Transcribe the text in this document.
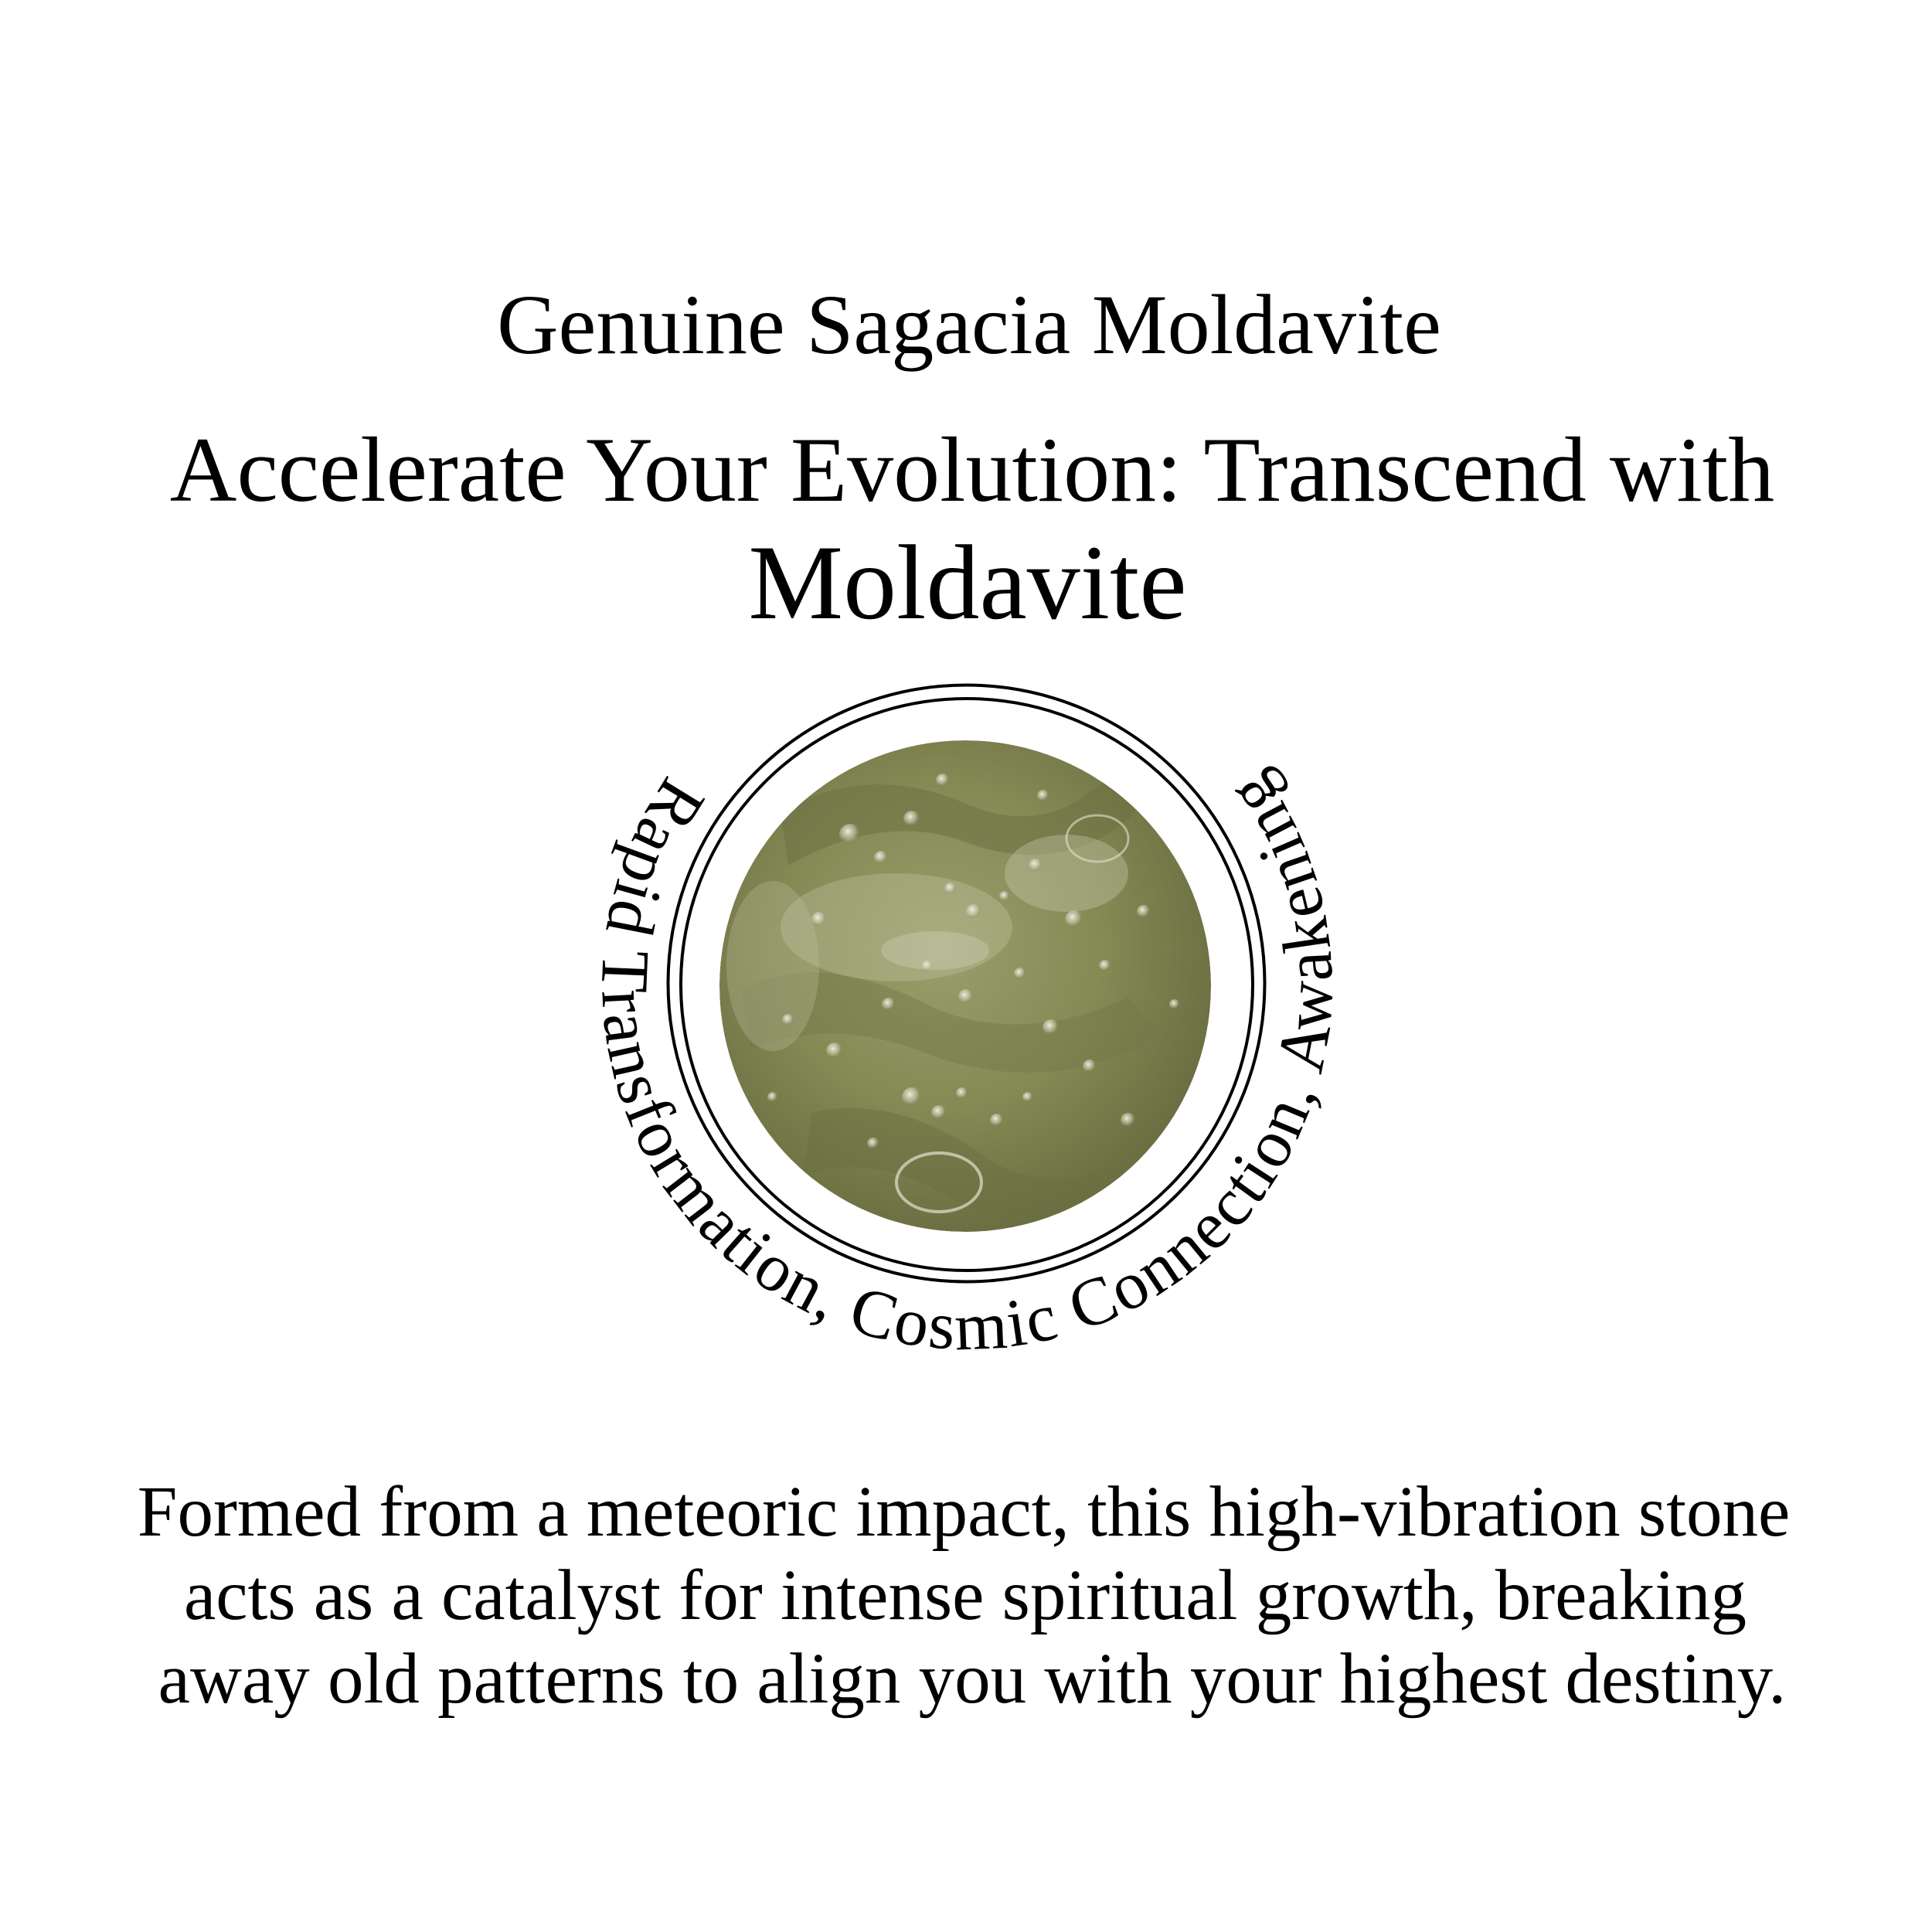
Genuine Sagacia Moldavite
Accelerate Your Evolution: Transcend with
Moldavite
Rapid Transformation, Cosmic Connection, Awakening
Formed from a meteoric impact, this high-vibration stone
acts as a catalyst for intense spiritual growth, breaking
away old patterns to align you with your highest destiny.
